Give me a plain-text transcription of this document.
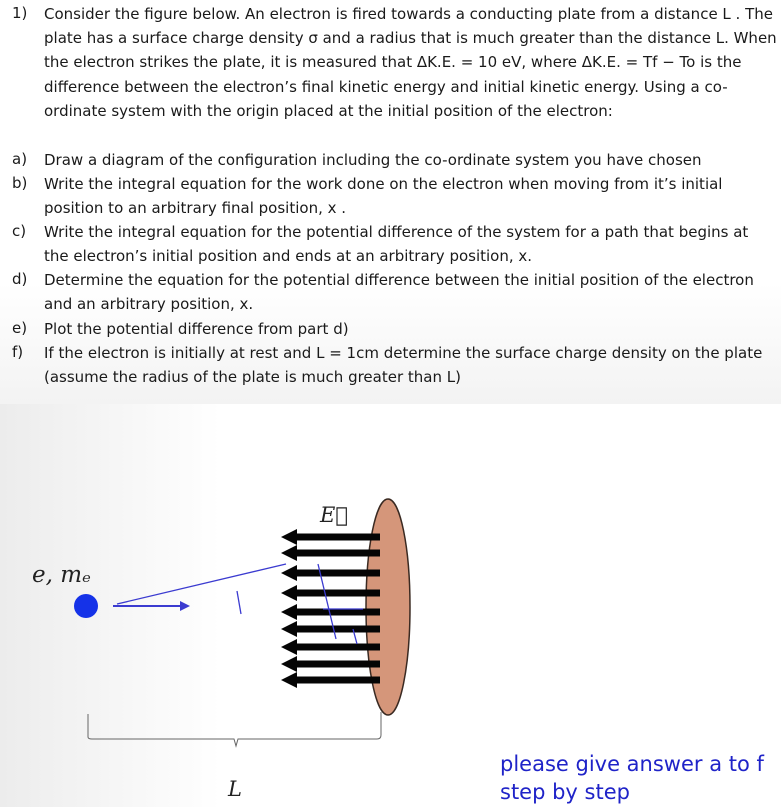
1) Consider the figure below. An electron is fired towards a conducting plate from a distance L . The
plate has a surface charge density σ and a radius that is much greater than the distance L. When
the electron strikes the plate, it is measured that ΔK.E. = 10 eV, where ΔK.E. = Tf − To is the
difference between the electron’s final kinetic energy and initial kinetic energy. Using a co-
ordinate system with the origin placed at the initial position of the electron:
a) Draw a diagram of the configuration including the co-ordinate system you have chosen
b) Write the integral equation for the work done on the electron when moving from it’s initial
position to an arbitrary final position, x .
c) Write the integral equation for the potential difference of the system for a path that begins at
the electron’s initial position and ends at an arbitrary position, x.
d) Determine the equation for the potential difference between the initial position of the electron
and an arbitrary position, x.
e) Plot the potential difference from part d)
f) If the electron is initially at rest and L = 1cm determine the surface charge density on the plate
(assume the radius of the plate is much greater than L)
e, mₑ
E⃗
L
please give answer a to f
step by step
